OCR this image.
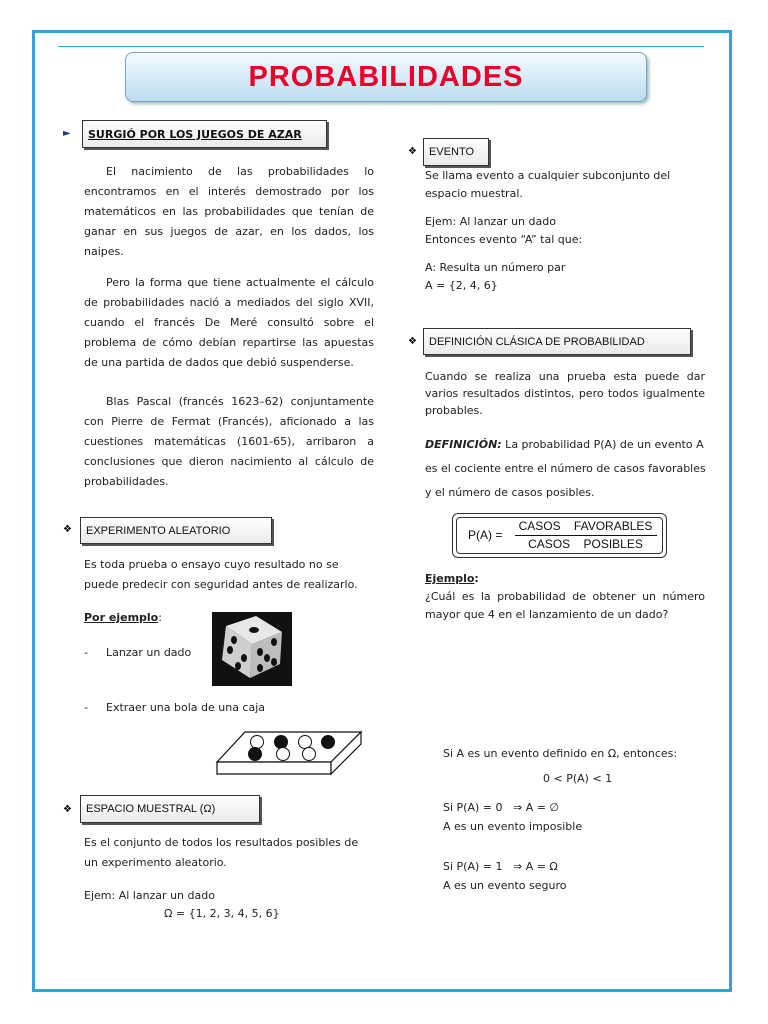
PROBABILIDADES
► SURGIÓ POR LOS JUEGOS DE AZAR
El nacimiento de las probabilidades lo encontramos en el interés demostrado por los matemáticos en las probabilidades que tenían de ganar en sus juegos de azar, en los dados, los naipes.
Pero la forma que tiene actualmente el cálculo de probabilidades nació a mediados del siglo XVII, cuando el francés De Meré consultó sobre el problema de cómo debían repartirse las apuestas de una partida de dados que debió suspenderse.
Blas Pascal (francés 1623–62) conjuntamente con Pierre de Fermat (Francés), aficionado a las cuestiones matemáticas (1601-65), arribaron a conclusiones que dieron nacimiento al cálculo de probabilidades.
❖ EXPERIMENTO ALEATORIO
Es toda prueba o ensayo cuyo resultado no se puede predecir con seguridad antes de realizarlo.
Por ejemplo:
- Lanzar un dado
- Extraer una bola de una caja
❖ ESPACIO MUESTRAL (Ω)
Es el conjunto de todos los resultados posibles de un experimento aleatorio.
Ejem: Al lanzar un dado
Ω = {1, 2, 3, 4, 5, 6}
❖ EVENTO
Se llama evento a cualquier subconjunto del espacio muestral.
Ejem: Al lanzar un dado
Entonces evento “A” tal que:
A: Resulta un número par
A = {2, 4, 6}
❖ DEFINICIÓN CLÁSICA DE PROBABILIDAD
Cuando se realiza una prueba esta puede dar varios resultados distintos, pero todos igualmente probables.
DEFINICIÓN: La probabilidad P(A) de un evento A
es el cociente entre el número de casos favorables
y el número de casos posibles.
P(A) =
CASOS    FAVORABLES
CASOS    POSIBLES
Ejemplo:
¿Cuál es la probabilidad de obtener un número mayor que 4 en el lanzamiento de un dado?
Si A es un evento definido en Ω, entonces:
0 < P(A) < 1
Si P(A) = 0   ⇒ A = ∅
A es un evento imposible
Si P(A) = 1   ⇒ A = Ω
A es un evento seguro
